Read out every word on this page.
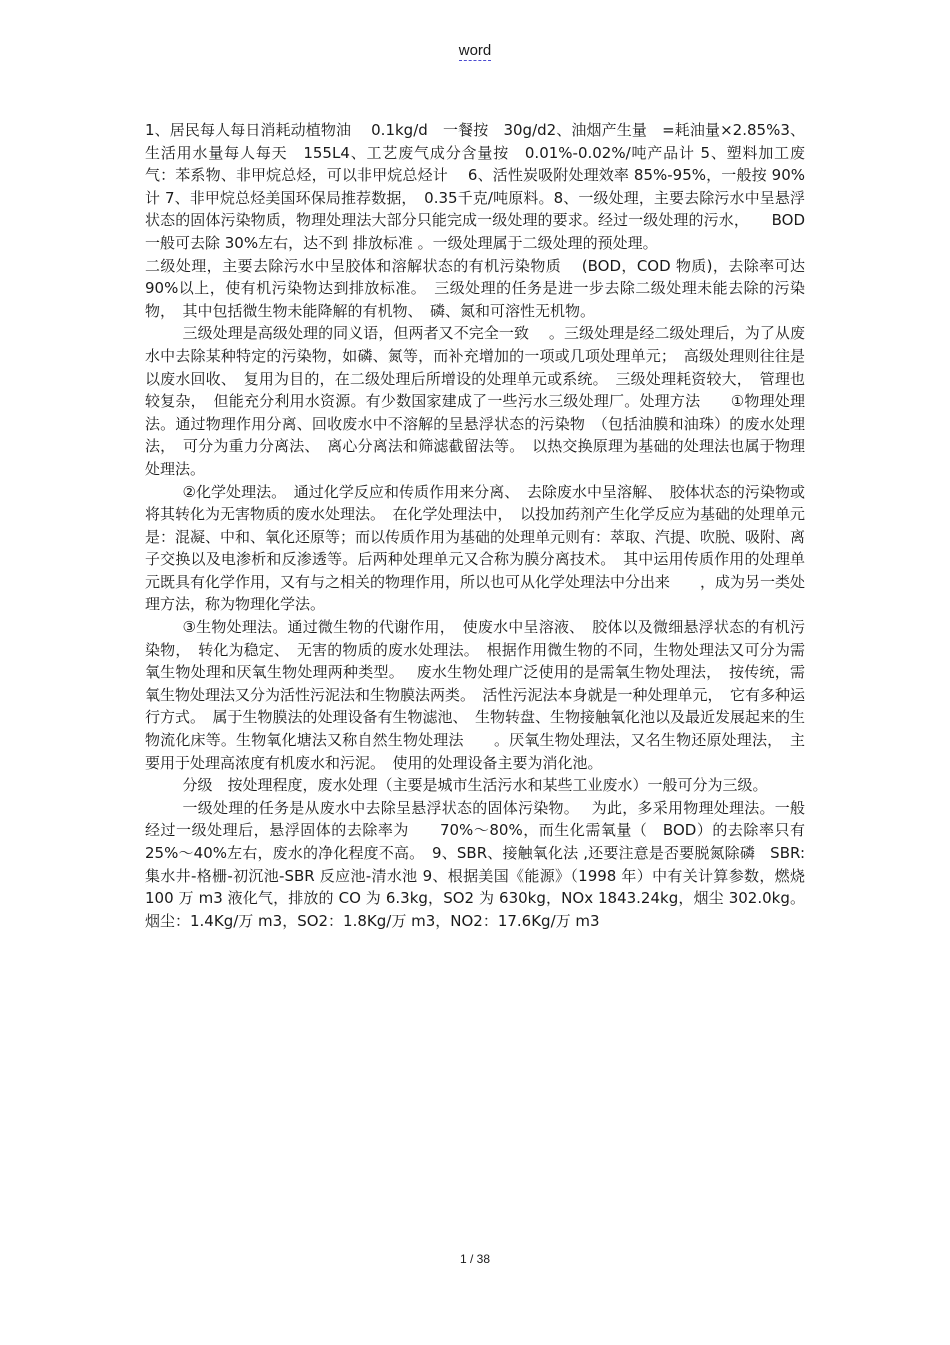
word

1、居民每人每日消耗动植物油　 0.1kg/d　一餐按　30g/d2、油烟产生量　=耗油量×2.85%3、生活用水量每人每天　155L4、工艺废气成分含量按　0.01%-0.02%/吨产品计 5、塑料加工废气：苯系物、非甲烷总烃，可以非甲烷总烃计　 6、活性炭吸附处理效率 85%-95%，一般按 90%计 7、非甲烷总烃美国环保局推荐数据，　0.35千克/吨原料。8、一级处理，主要去除污水中呈悬浮状态的固体污染物质，物理处理法大部分只能完成一级处理的要求。经过一级处理的污水，　　BOD 一般可去除 30%左右，达不到 排放标准 。一级处理属于二级处理的预处理。

二级处理，主要去除污水中呈胶体和溶解状态的有机污染物质　 (BOD，COD 物质)，去除率可达 90%以上，使有机污染物达到排放标准。　三级处理的任务是进一步去除二级处理未能去除的污染物，　其中包括微生物未能降解的有机物、　磷、氮和可溶性无机物。

三级处理是高级处理的同义语，但两者又不完全一致　 。三级处理是经二级处理后，为了从废水中去除某种特定的污染物，如磷、氮等，而补充增加的一项或几项处理单元；　高级处理则往往是以废水回收、　复用为目的，在二级处理后所增设的处理单元或系统。　三级处理耗资较大，　管理也较复杂，　但能充分利用水资源。有少数国家建成了一些污水三级处理厂。处理方法　　①物理处理法。通过物理作用分离、回收废水中不溶解的呈悬浮状态的污染物　（包括油膜和油珠）的废水处理法，　可分为重力分离法、　离心分离法和筛滤截留法等。　以热交换原理为基础的处理法也属于物理处理法。

②化学处理法。　通过化学反应和传质作用来分离、　去除废水中呈溶解、　胶体状态的污染物或将其转化为无害物质的废水处理法。　在化学处理法中，　以投加药剂产生化学反应为基础的处理单元是：混凝、中和、氧化还原等；而以传质作用为基础的处理单元则有：萃取、汽提、吹脱、吸附、离子交换以及电渗析和反渗透等。后两种处理单元又合称为膜分离技术。　其中运用传质作用的处理单元既具有化学作用，又有与之相关的物理作用，所以也可从化学处理法中分出来　　，成为另一类处理方法，称为物理化学法。

③生物处理法。通过微生物的代谢作用，　使废水中呈溶液、　胶体以及微细悬浮状态的有机污染物，　转化为稳定、　无害的物质的废水处理法。　根据作用微生物的不同，生物处理法又可分为需氧生物处理和厌氧生物处理两种类型。　 废水生物处理广泛使用的是需氧生物处理法，　按传统，需氧生物处理法又分为活性污泥法和生物膜法两类。　活性污泥法本身就是一种处理单元，　它有多种运行方式。　属于生物膜法的处理设备有生物滤池、　生物转盘、生物接触氧化池以及最近发展起来的生物流化床等。生物氧化塘法又称自然生物处理法　　。厌氧生物处理法，又名生物还原处理法，　主要用于处理高浓度有机废水和污泥。　使用的处理设备主要为消化池。

分级　按处理程度，废水处理（主要是城市生活污水和某些工业废水）一般可分为三级。

一级处理的任务是从废水中去除呈悬浮状态的固体污染物。　 为此，多采用物理处理法。一般经过一级处理后，悬浮固体的去除率为　　70%～80%，而生化需氧量（　BOD）的去除率只有　25%～40%左右，废水的净化程度不高。　9、SBR、接触氧化法 ,还要注意是否要脱氮除磷　SBR:集水井-格栅-初沉池-SBR 反应池-清水池 9、根据美国《能源》（1998 年）中有关计算参数，燃烧　100 万 m3 液化气，排放的 CO 为 6.3kg，SO2 为 630kg，NOx 1843.24kg，烟尘 302.0kg。烟尘：1.4Kg/万 m3，SO2：1.8Kg/万 m3，NO2：17.6Kg/万 m3

1 / 38
